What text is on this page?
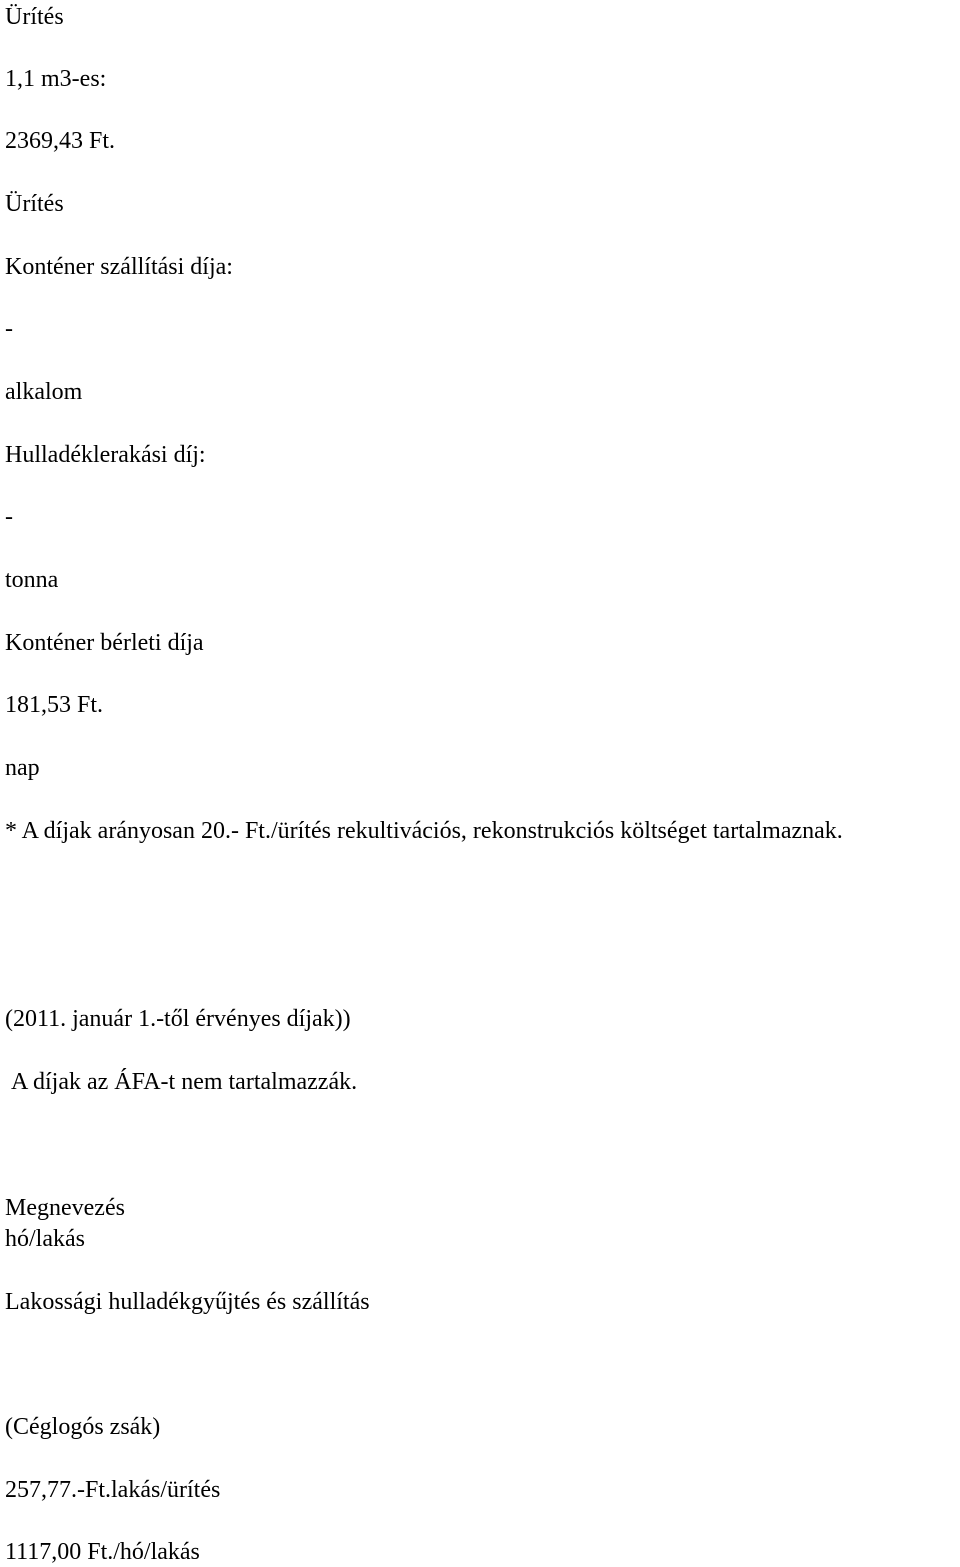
Ürítés
1,1 m3-es:
2369,43 Ft.
Ürítés
Konténer szállítási díja:
-
alkalom
Hulladéklerakási díj:
-
tonna
Konténer bérleti díja
181,53 Ft.
nap
* A díjak arányosan 20.- Ft./ürítés rekultivációs, rekonstrukciós költséget tartalmaznak.
(2011. január 1.-től érvényes díjak))
A díjak az ÁFA-t nem tartalmazzák.
Megnevezés
hó/lakás
Lakossági hulladékgyűjtés és szállítás
(Céglogós zsák)
257,77.-Ft.lakás/ürítés
1117,00 Ft./hó/lakás
